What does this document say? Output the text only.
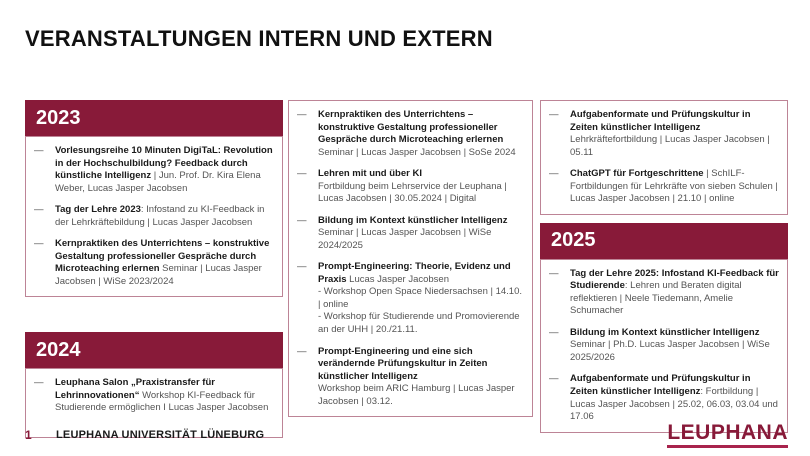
VERANSTALTUNGEN INTERN UND EXTERN
2023
—	Vorlesungsreihe 10 Minuten DigiTaL: Revolution in der Hochschulbildung? Feedback durch künstliche Intelligenz | Jun. Prof. Dr. Kira Elena Weber, Lucas Jasper Jacobsen
—	Tag der Lehre 2023: Infostand zu KI-Feedback in der Lehrkräftebildung | Lucas Jasper Jacobsen
—	Kernpraktiken des Unterrichtens – konstruktive Gestaltung professioneller Gespräche durch Microteaching erlernen Seminar | Lucas Jasper Jacobsen | WiSe 2023/2024
2024
—	Leuphana Salon „Praxistransfer für Lehrinnovationen“ Workshop KI-Feedback für Studierende ermöglichen I Lucas Jasper Jacobsen
—	Kernpraktiken des Unterrichtens – konstruktive Gestaltung professioneller Gespräche durch Microteaching erlernen Seminar | Lucas Jasper Jacobsen | SoSe 2024
—	Lehren mit und über KI
Fortbildung beim Lehrservice der Leuphana | Lucas Jacobsen | 30.05.2024 | Digital
—	Bildung im Kontext künstlicher Intelligenz
Seminar | Lucas Jasper Jacobsen | WiSe 2024/2025
—	Prompt-Engineering: Theorie, Evidenz und Praxis Lucas Jasper Jacobsen
- Workshop Open Space Niedersachsen | 14.10. | online
- Workshop für Studierende und Promovierende an der UHH | 20./21.11.
—	Prompt-Engineering und eine sich verändernde Prüfungskultur in Zeiten künstlicher Intelligenz
Workshop beim ARIC Hamburg | Lucas Jasper Jacobsen | 03.12.
—	Aufgabenformate und Prüfungskultur in Zeiten künstlicher Intelligenz Lehrkräftefortbildung | Lucas Jasper Jacobsen | 05.11
—	ChatGPT für Fortgeschrittene | SchILF-Fortbildungen für Lehrkräfte von sieben Schulen | Lucas Jasper Jacobsen | 21.10 | online
2025
—	Tag der Lehre 2025: Infostand KI-Feedback für Studierende: Lehren und Beraten digital reflektieren | Neele Tiedemann, Amelie Schumacher
—	Bildung im Kontext künstlicher Intelligenz
Seminar | Ph.D. Lucas Jasper Jacobsen | WiSe 2025/2026
—	Aufgabenformate und Prüfungskultur in Zeiten künstlicher Intelligenz: Fortbildung | Lucas Jasper Jacobsen | 25.02, 06.03, 03.04 und 17.06
1 LEUPHANA UNIVERSITÄT LÜNEBURG	LEUPHANA
